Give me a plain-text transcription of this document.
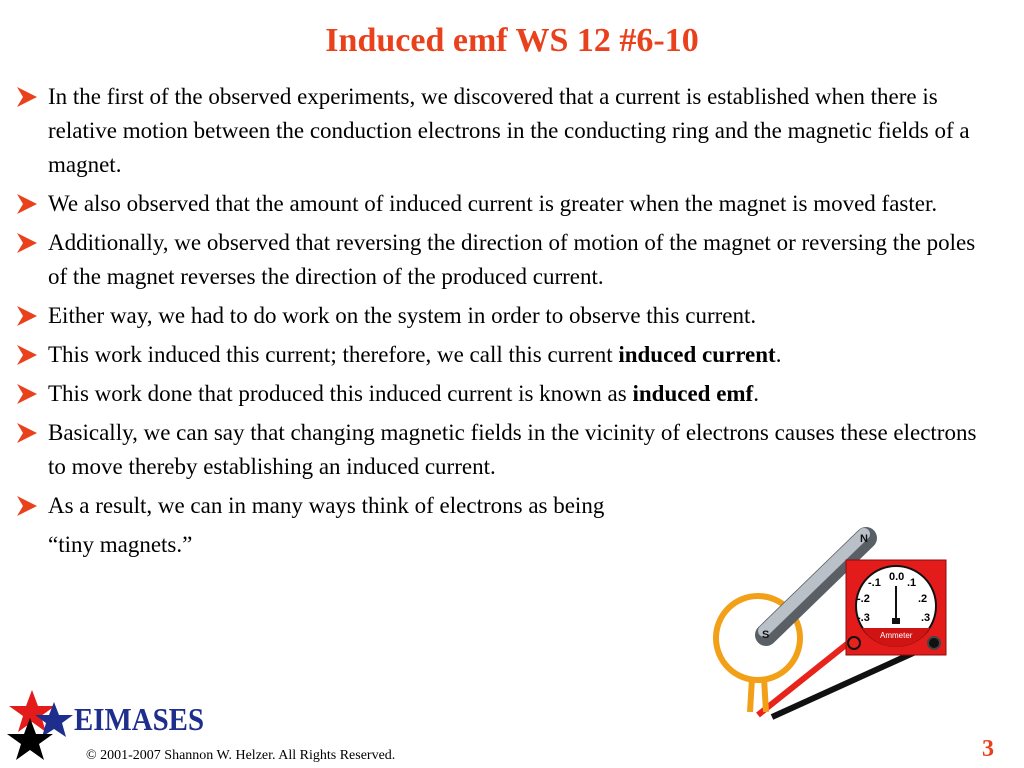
Induced emf WS 12 #6-10
In the first of the observed experiments, we discovered that a current is established when there is relative motion between the conduction electrons in the conducting ring and the magnetic fields of a magnet.
We also observed that the amount of induced current is greater when the magnet is moved faster.
Additionally, we observed that reversing the direction of motion of the magnet or reversing the poles of the magnet reverses the direction of the produced current.
Either way, we had to do work on the system in order to observe this current.
This work induced this current; therefore, we call this current induced current.
This work done that produced this induced current is known as induced emf.
Basically, we can say that changing magnetic fields in the vicinity of electrons causes these electrons to move thereby establishing an induced current.
As a result, we can in many ways think of electrons as being
“tiny magnets.”	N
S
0.0 .1
.2
.3
-.1
-.2
-.3
Ammeter
EIMASES
© 2001-2007 Shannon W. Helzer. All Rights Reserved.	3
